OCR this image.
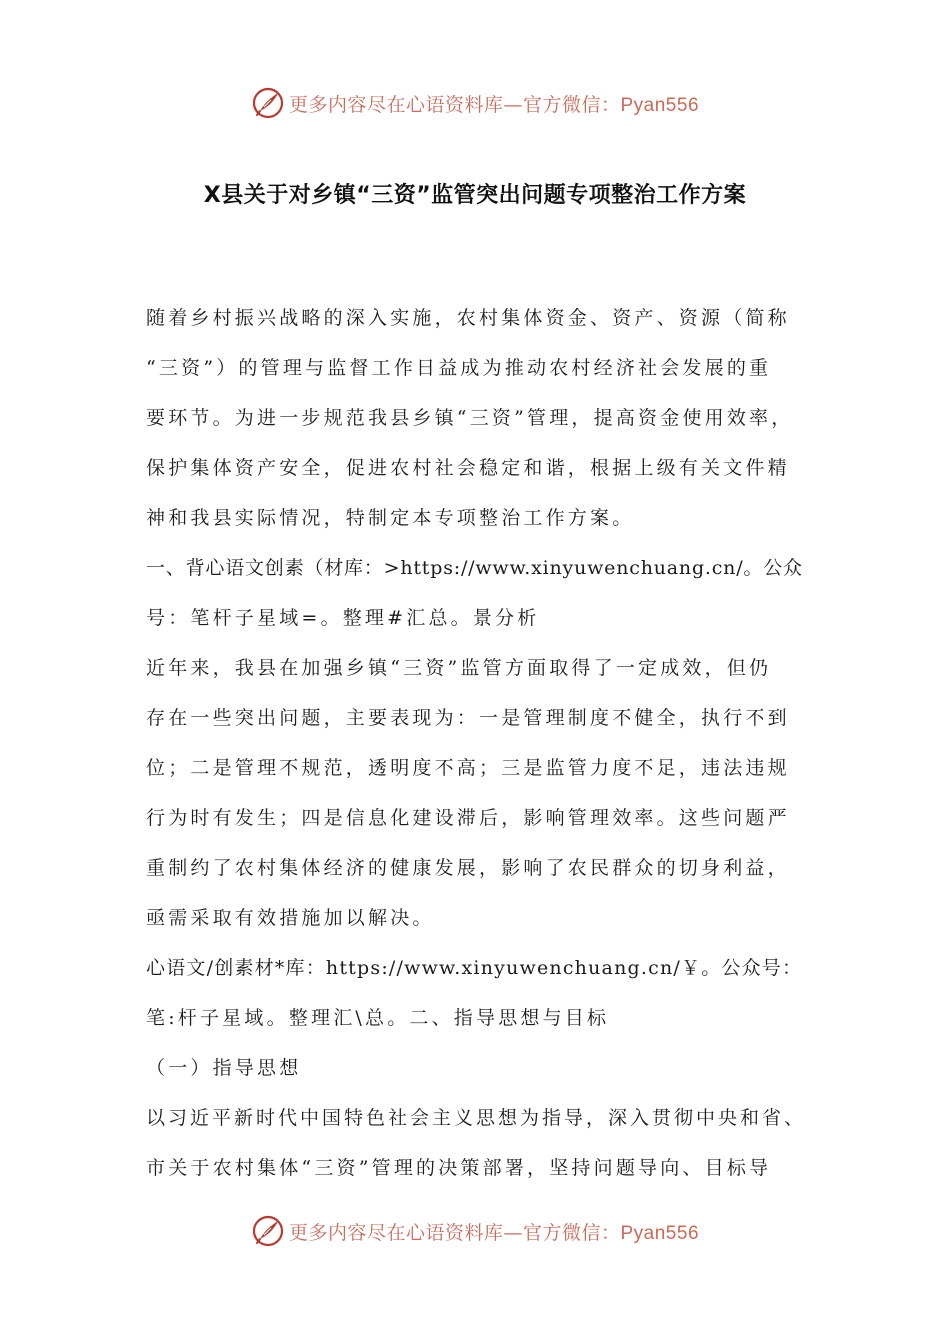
更多内容尽在心语资料库—官方微信：Pyan556
X县关于对乡镇“三资”监管突出问题专项整治工作方案
随着乡村振兴战略的深入实施，农村集体资金、资产、资源（简称
“三资”）的管理与监督工作日益成为推动农村经济社会发展的重
要环节。为进一步规范我县乡镇“三资”管理，提高资金使用效率，
保护集体资产安全，促进农村社会稳定和谐，根据上级有关文件精
神和我县实际情况，特制定本专项整治工作方案。
一、背心语文创素（材库：>https://www.xinyuwenchuang.cn/。公众
号：笔杆子星域=。整理#汇总。景分析
近年来，我县在加强乡镇“三资”监管方面取得了一定成效，但仍
存在一些突出问题，主要表现为：一是管理制度不健全，执行不到
位；二是管理不规范，透明度不高；三是监管力度不足，违法违规
行为时有发生；四是信息化建设滞后，影响管理效率。这些问题严
重制约了农村集体经济的健康发展，影响了农民群众的切身利益，
亟需采取有效措施加以解决。
心语文/创素材*库：https://www.xinyuwenchuang.cn/￥。公众号：
笔:杆子星域。整理汇\总。二、指导思想与目标
（一）指导思想
以习近平新时代中国特色社会主义思想为指导，深入贯彻中央和省、
市关于农村集体“三资”管理的决策部署，坚持问题导向、目标导
更多内容尽在心语资料库—官方微信：Pyan556
